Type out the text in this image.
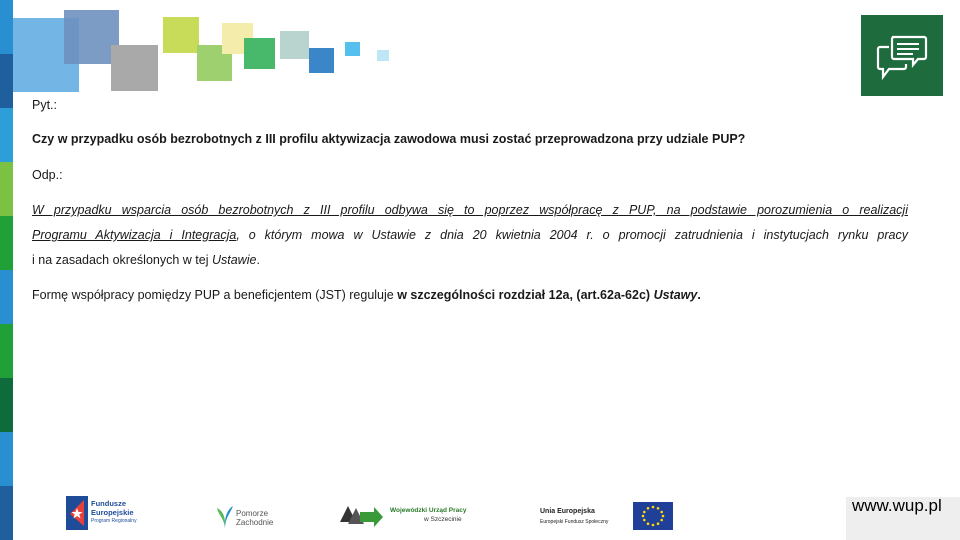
Pyt.:
Czy w przypadku osób bezrobotnych z III profilu aktywizacja zawodowa musi zostać przeprowadzona przy udziale PUP?
Odp.:
W przypadku wsparcia osób bezrobotnych z III profilu odbywa się to poprzez współpracę z PUP, na podstawie porozumienia o realizacji
Programu Aktywizacja i Integracja, o którym mowa w Ustawie z dnia 20 kwietnia 2004 r. o promocji zatrudnienia i instytucjach rynku pracy
i na zasadach określonych w tej Ustawie.
Formę współpracy pomiędzy PUP a beneficjentem (JST) reguluje w szczególności rozdział 12a, (art.62a-62c) Ustawy.
Fundusze
Europejskie
Program Regionalny
Pomorze
Zachodnie
Wojewódzki Urząd Pracy
w Szczecinie
Unia Europejska
Europejski Fundusz Społeczny
www.wup.pl
